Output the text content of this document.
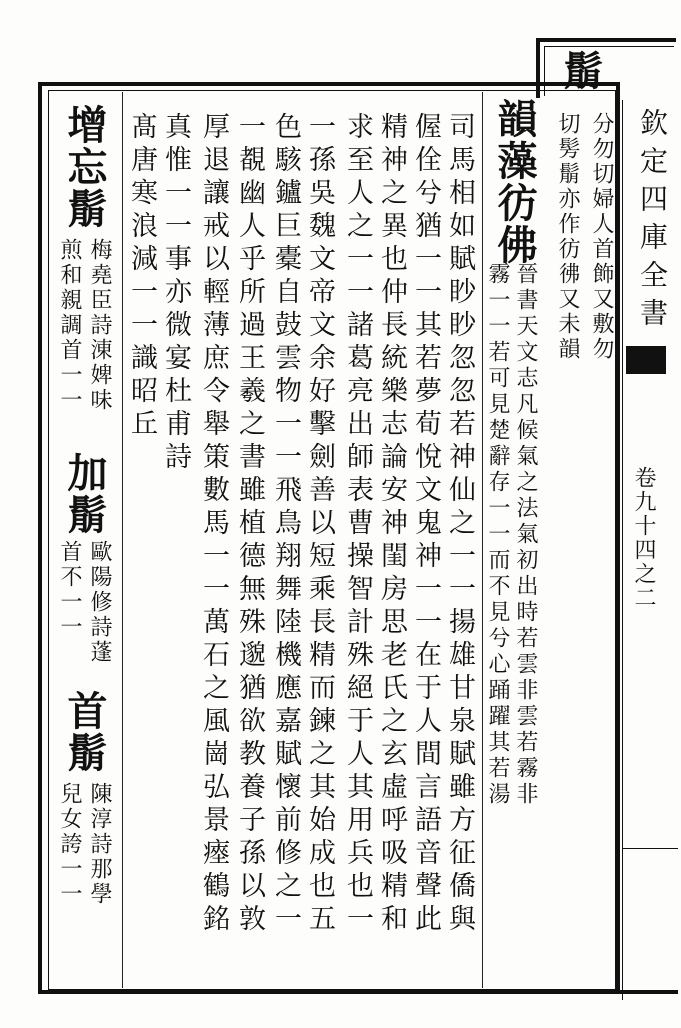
欽定四庫全書
卷九十四之二
鬅
分勿切婦人首飾又敷勿
切髣鬅亦作彷彿又未韻
韻藻彷佛
晉書天文志凡候氣之法氣初出時若雲非雲若霧非
霧一一若可見楚辭存一一而不見兮心踊躍其若湯
司馬相如賦眇眇忽忽若神仙之一一揚雄甘泉賦雖方征僑與
偓佺兮猶一一其若夢荀悅文鬼神一一在于人間言語音聲此
精神之異也仲長統樂志論安神閨房思老氏之玄虛呼吸精和
求至人之一一諸葛亮出師表曹操智計殊絕于人其用兵也一
一孫吳魏文帝文余好擊劍善以短乘長精而鍊之其始成也五
色駭鑪巨橐自鼓雲物一一飛鳥翔舞陸機應嘉賦懷前修之一
一覩幽人乎所過王羲之書雖植德無殊邈猶欲教養子孫以敦
厚退讓戒以輕薄庶令舉策數馬一一萬石之風崗弘景瘞鶴銘
真惟一一事亦微宴杜甫詩
髙唐寒浪減一一識昭丘
增忘鬅
梅堯臣詩涷婢味
煎和親調首一一
加鬅
歐陽修詩蓬
首不一一
首鬅
陳淳詩那學
兒女誇一一
